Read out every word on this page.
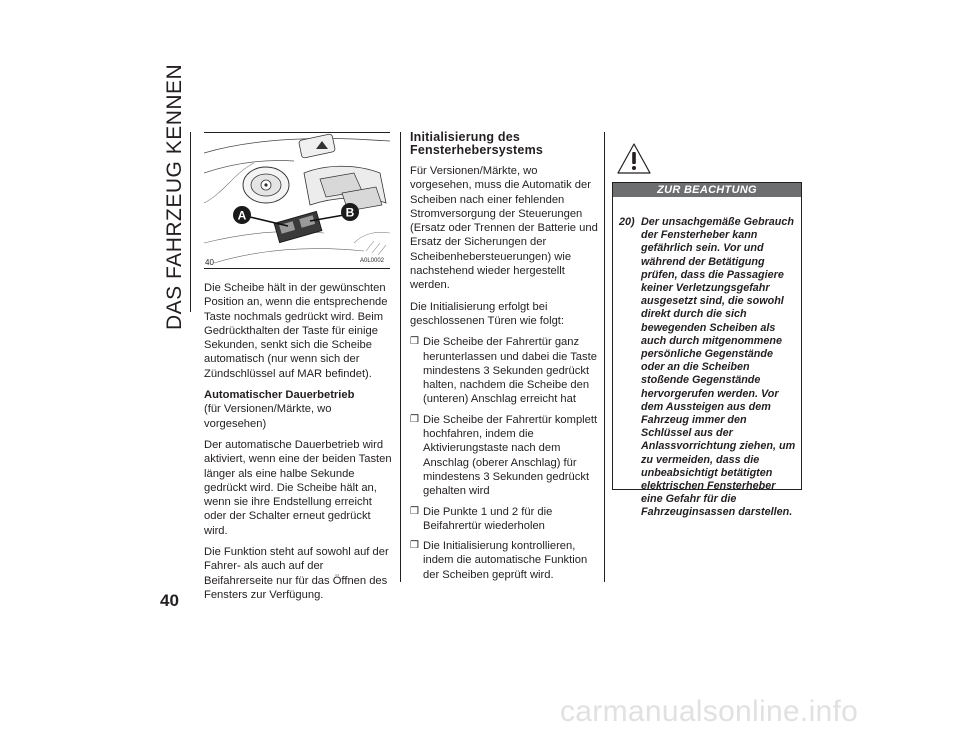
DAS FAHRZEUG KENNEN	A	B
40	A0L0002

Die Scheibe hält in der gewünschten Position an, wenn die entsprechende Taste nochmals gedrückt wird. Beim Gedrückthalten der Taste für einige Sekunden, senkt sich die Scheibe automatisch (nur wenn sich der Zündschlüssel auf MAR befindet).

Automatischer Dauerbetrieb

(für Versionen/Märkte, wo vorgesehen)

Der automatische Dauerbetrieb wird aktiviert, wenn eine der beiden Tasten länger als eine halbe Sekunde gedrückt wird. Die Scheibe hält an, wenn sie ihre Endstellung erreicht oder der Schalter erneut gedrückt wird.

Die Funktion steht auf sowohl auf der Fahrer- als auch auf der Beifahrerseite nur für das Öffnen des Fensters zur Verfügung.

Initialisierung des Fensterhebersystems

Für Versionen/Märkte, wo vorgesehen, muss die Automatik der Scheiben nach einer fehlenden Stromversorgung der Steuerungen (Ersatz oder Trennen der Batterie und Ersatz der Sicherungen der Scheibenhebersteuerungen) wie nachstehend wieder hergestellt werden.

Die Initialisierung erfolgt bei geschlossenen Türen wie folgt:

❒ Die Scheibe der Fahrertür ganz herunterlassen und dabei die Taste mindestens 3 Sekunden gedrückt halten, nachdem die Scheibe den (unteren) Anschlag erreicht hat
❒ Die Scheibe der Fahrertür komplett hochfahren, indem die Aktivierungstaste nach dem Anschlag (oberer Anschlag) für mindestens 3 Sekunden gedrückt gehalten wird
❒ Die Punkte 1 und 2 für die Beifahrertür wiederholen
❒ Die Initialisierung kontrollieren, indem die automatische Funktion der Scheiben geprüft wird.
ZUR BEACHTUNG
20) Der unsachgemäße Gebrauch der Fensterheber kann gefährlich sein. Vor und während der Betätigung prüfen, dass die Passagiere keiner Verletzungsgefahr ausgesetzt sind, die sowohl direkt durch die sich bewegenden Scheiben als auch durch mitgenommene persönliche Gegenstände oder an die Scheiben stoßende Gegenstände hervorgerufen werden. Vor dem Aussteigen aus dem Fahrzeug immer den Schlüssel aus der Anlassvorrichtung ziehen, um zu vermeiden, dass die unbeabsichtigt betätigten elektrischen Fensterheber eine Gefahr für die Fahrzeuginsassen darstellen.
40
carmanualsonline.info
